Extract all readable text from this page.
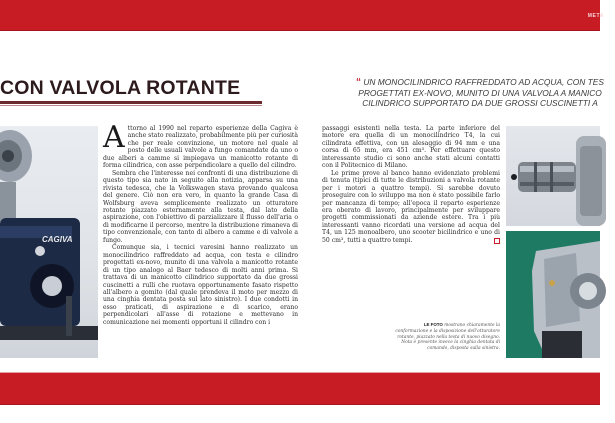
META
CON VALVOLA ROTANTE	“ UN MONOCILINDRICO RAFFREDDATO AD ACQUA, CON TES
PROGETTATI EX-NOVO, MUNITO DI UNA VALVOLA A MANICO
CILINDRICO SUPPORTATO DA DUE GROSSI CUSCINETTI A
CAGIVA

Attorno al 1990 nel reparto esperienze della Cagiva è anche stato realizzato, probabilmente più per curiosità che per reale convinzione, un motore nel quale al posto delle usuali valvole a fungo comandate da uno o due alberi a camme si impiegava un manicotto rotante di forma cilindrica, con asse perpendicolare a quello del cilindro.

Sembra che l'interesse nei confronti di una distribuzione di questo tipo sia nato in seguito alla notizia, apparsa su una rivista tedesca, che la Volkswagen stava provando qualcosa del genere. Ciò non era vero, in quanto la grande Casa di Wolfsburg aveva semplicemente realizzato un otturatore rotante piazzato esternamente alla testa, dal lato della aspirazione, con l'obiettivo di parzializzare il flusso dell'aria o di modificarne il percorso, mentre la distribuzione rimaneva di tipo convenzionale, con tanto di albero a camme e di valvole a fungo.

Comunque sia, i tecnici varesini hanno realizzato un monocilindrico raffreddato ad acqua, con testa e cilindro progettati ex-novo, munito di una valvola a manicotto rotante di un tipo analogo al Baer tedesco di molti anni prima. Si trattava di un manicotto cilindrico supportato da due grossi cuscinetti a rulli che ruotava opportunamente fasato rispetto all'albero a gomito (dal quale prendeva il moto per mezzo di una cinghia dentata posta sul lato sinistro). I due condotti in esso praticati, di aspirazione e di scarico, erano perpendicolari all'asse di rotazione e mettevano in comunicazione nei momenti opportuni il cilindro con i

passaggi esistenti nella testa. La parte inferiore del motore era quella di un monocilindrico T4, la cui cilindrata effettiva, con un alesaggio di 94 mm e una corsa di 65 mm, era 451 cm³. Per effettuare questo interessante studio ci sono anche stati alcuni contatti con il Politecnico di Milano.

Le prime prove al banco hanno evidenziato problemi di tenuta (tipici di tutte le distribuzioni a valvola rotante per i motori a quattro tempi). Si sarebbe dovuto proseguire con lo sviluppo ma non è stato possibile farlo per mancanza di tempo; all'epoca il reparto esperienze era oberato di lavoro, principalmente per sviluppare progetti commissionati da aziende estere. Tra i più interessanti vanno ricordati una versione ad acqua del T4, un 125 monoalbero, uno scooter bicilindrico e uno di 50 cm³, tutti a quattro tempi.

LE FOTO mostrano chiaramente la conformazione e la disposizione dell'otturatore rotante, piazzato nella testa di nuovo disegno. Nota è presente invece la cinghia dentata di comando, disposta sulla sinistra.
